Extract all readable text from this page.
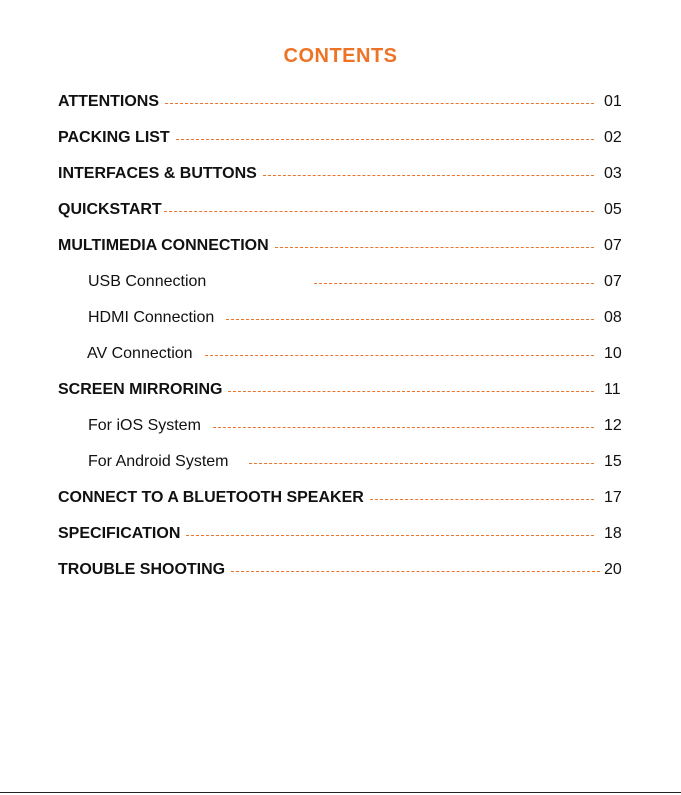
CONTENTS
ATTENTIONS	01
PACKING LIST	02
INTERFACES & BUTTONS	03
QUICKSTART	05
MULTIMEDIA CONNECTION	07
USB Connection	07
HDMI Connection	08
AV Connection	10
SCREEN MIRRORING	11
For iOS System	12
For Android System	15
CONNECT TO A BLUETOOTH SPEAKER	17
SPECIFICATION	18
TROUBLE SHOOTING	20
